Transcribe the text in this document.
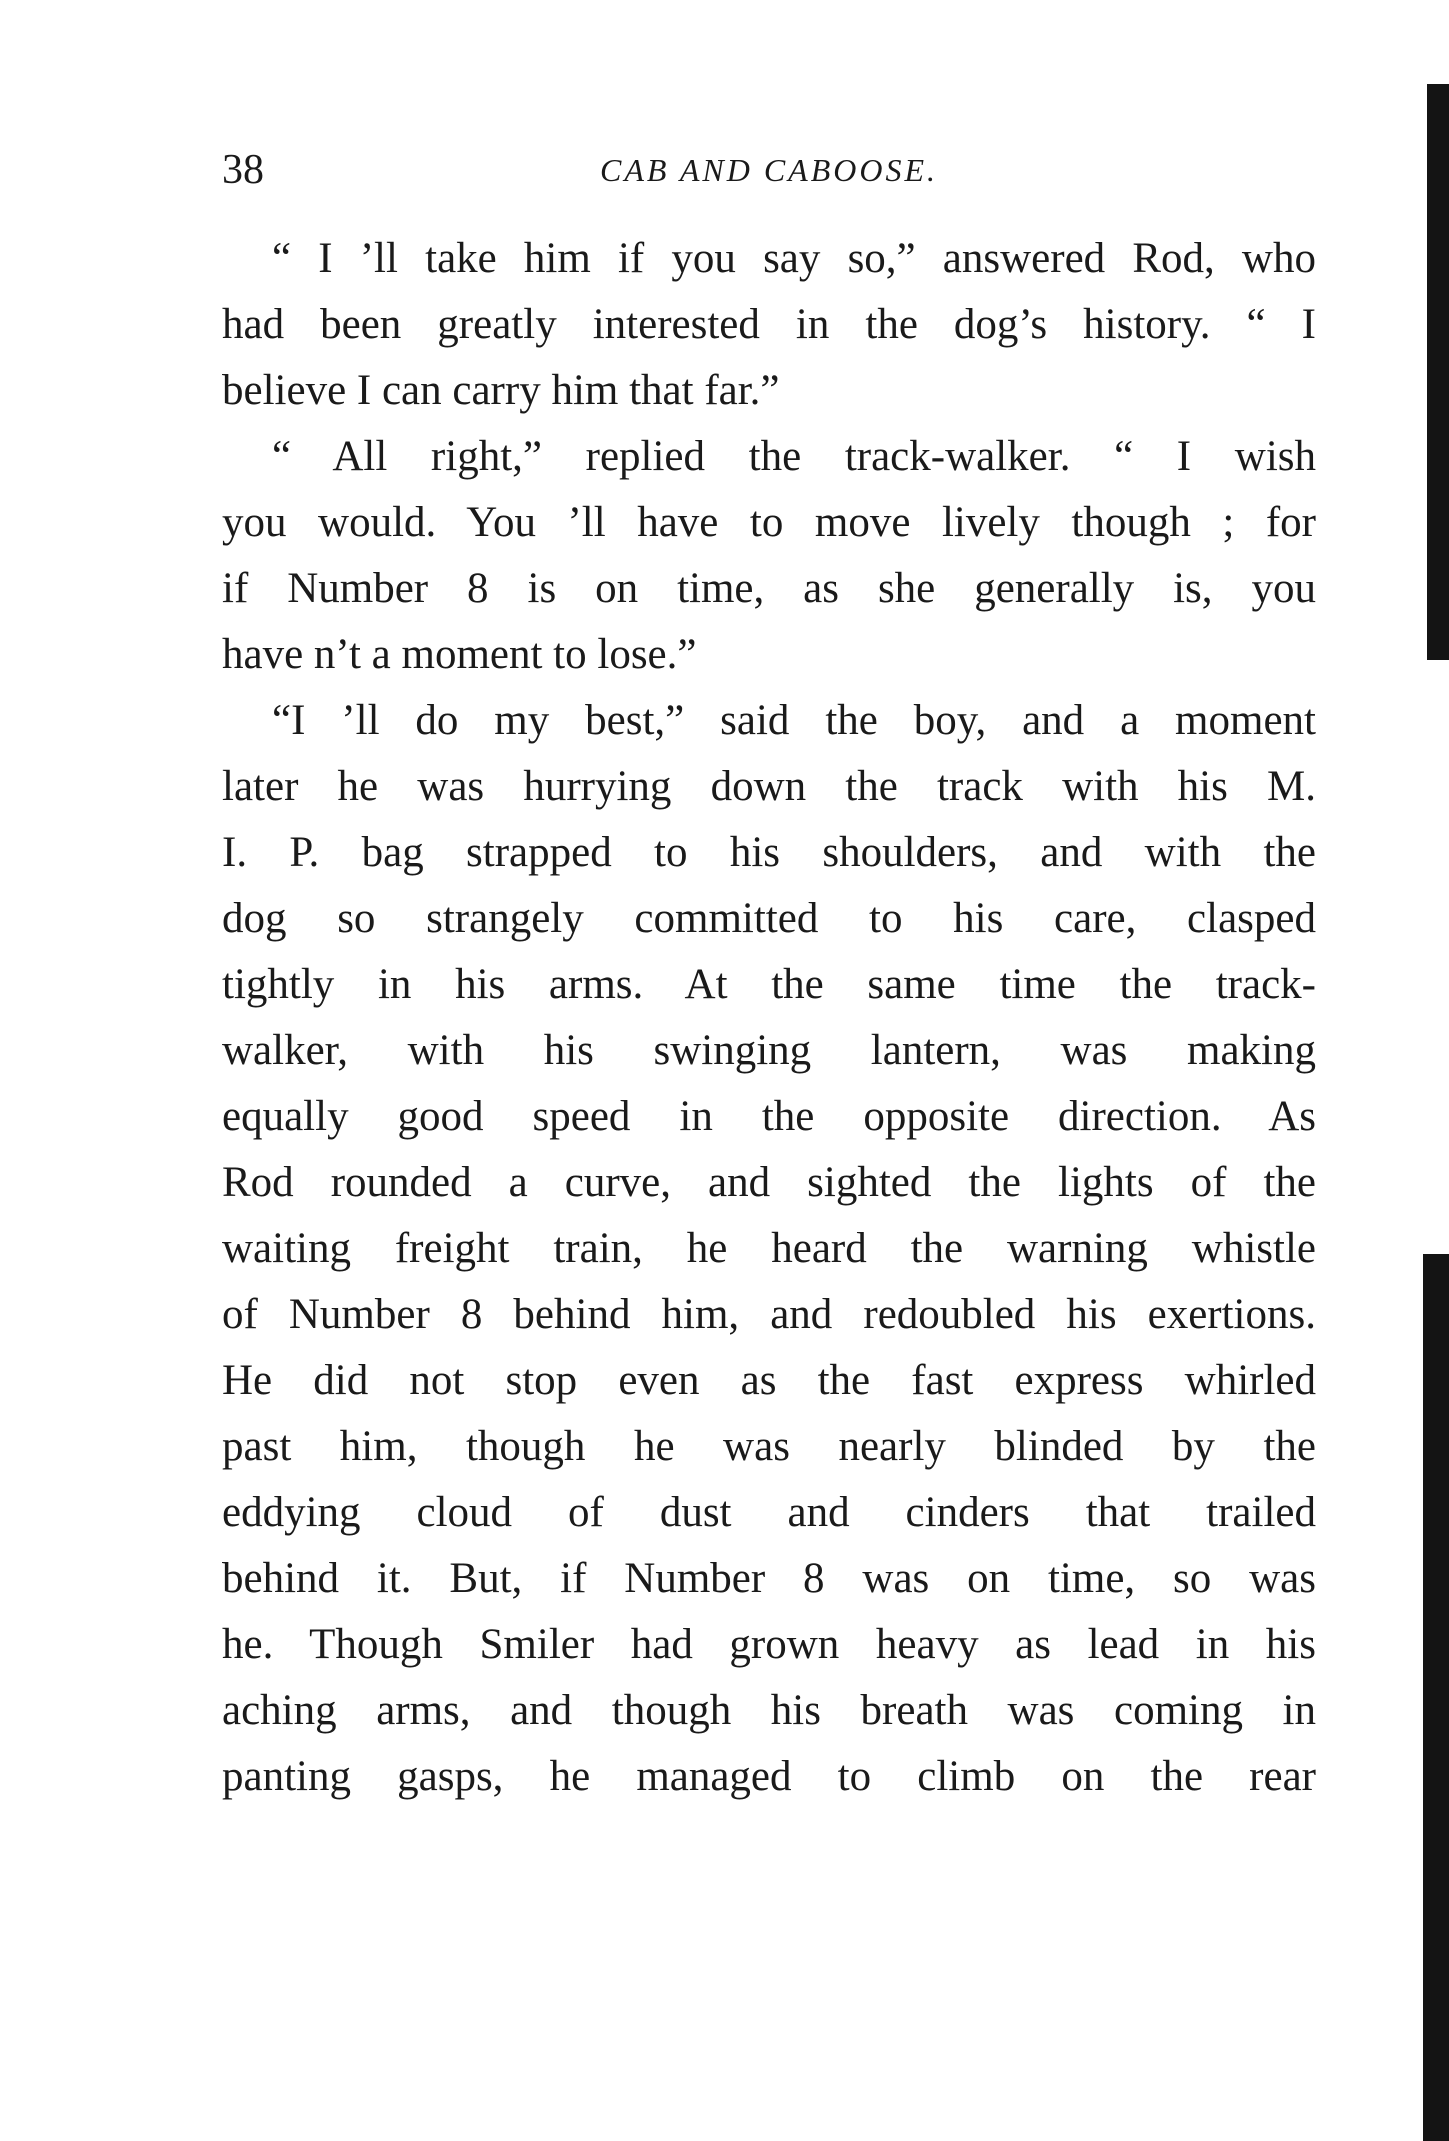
38	CAB AND CABOOSE.
“ I ’ll take him if you say so,” answered Rod, who
had been greatly interested in the dog’s history. “ I
believe I can carry him that far.”
“ All right,” replied the track-walker. “ I wish
you would. You ’ll have to move lively though ; for
if Number 8 is on time, as she generally is, you
have n’t a moment to lose.”
“I ’ll do my best,” said the boy, and a moment
later he was hurrying down the track with his M.
I. P. bag strapped to his shoulders, and with the
dog so strangely committed to his care, clasped
tightly in his arms. At the same time the track-
walker, with his swinging lantern, was making
equally good speed in the opposite direction. As
Rod rounded a curve, and sighted the lights of the
waiting freight train, he heard the warning whistle
of Number 8 behind him, and redoubled his exertions.
He did not stop even as the fast express whirled
past him, though he was nearly blinded by the
eddying cloud of dust and cinders that trailed
behind it. But, if Number 8 was on time, so was
he. Though Smiler had grown heavy as lead in his
aching arms, and though his breath was coming in
panting gasps, he managed to climb on the rear
